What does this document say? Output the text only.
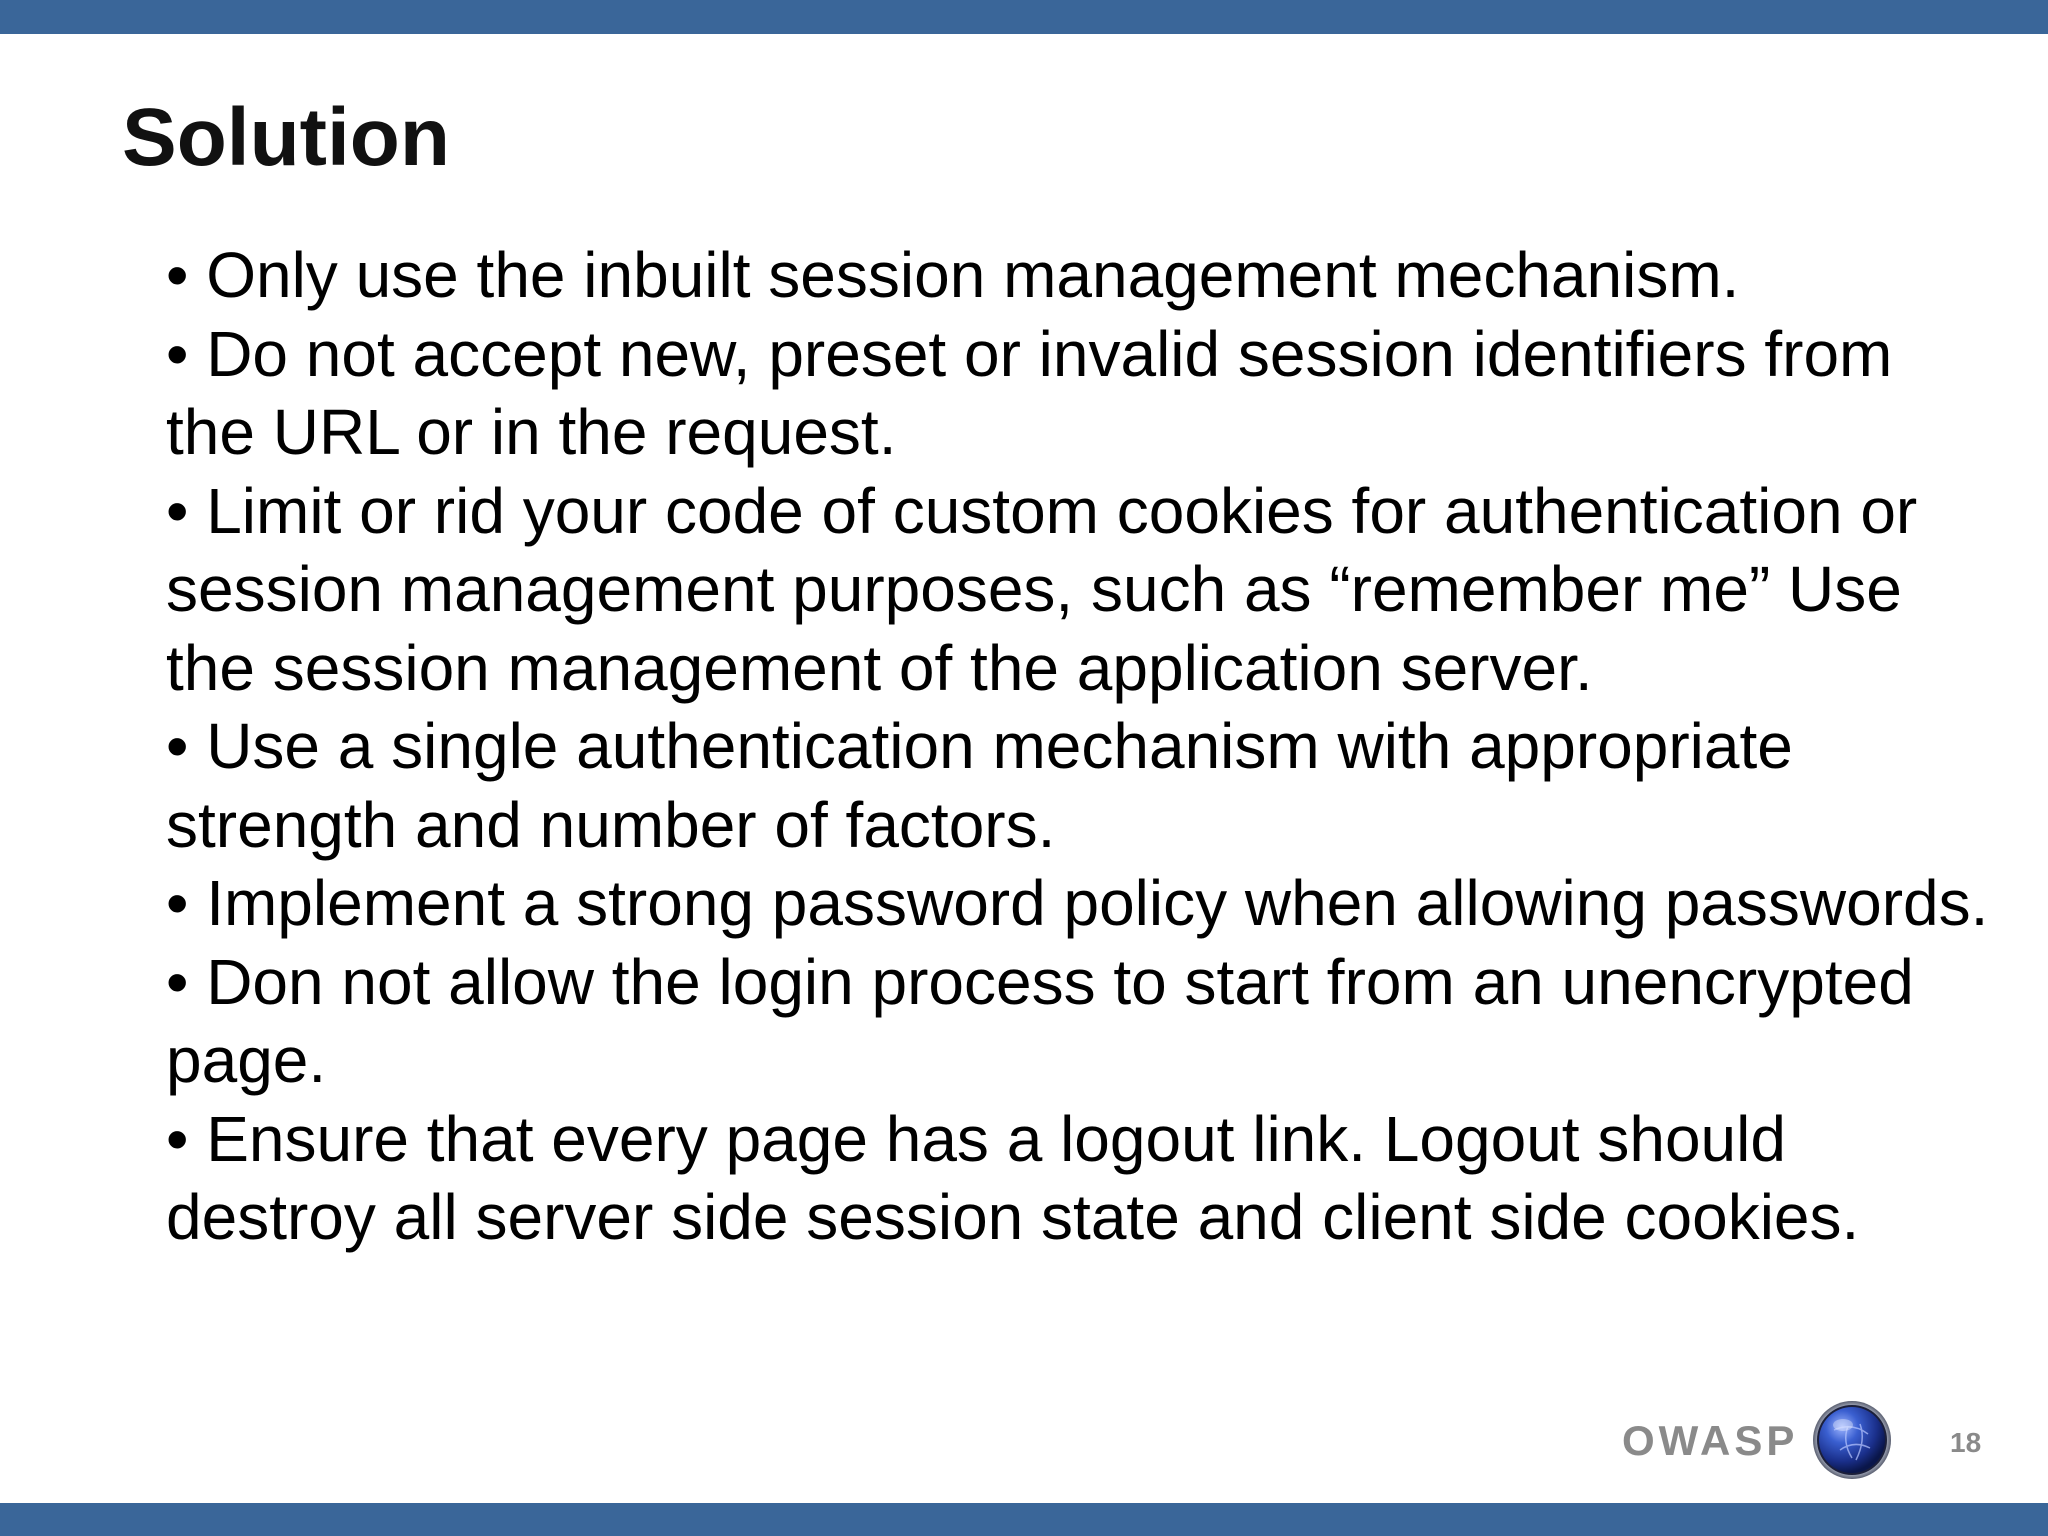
Solution
• Only use the inbuilt session management mechanism.
• Do not accept new, preset or invalid session identifiers from the URL or in the request.
• Limit or rid your code of custom cookies for authentication or session management purposes, such as “remember me” Use the session management of the application server.
• Use a single authentication mechanism with appropriate strength and number of factors.
• Implement a strong password policy when allowing passwords.
• Don not allow the login process to start from an unencrypted page.
• Ensure that every page has a logout link. Logout should destroy all server side session state and client side cookies.
OWASP	18
